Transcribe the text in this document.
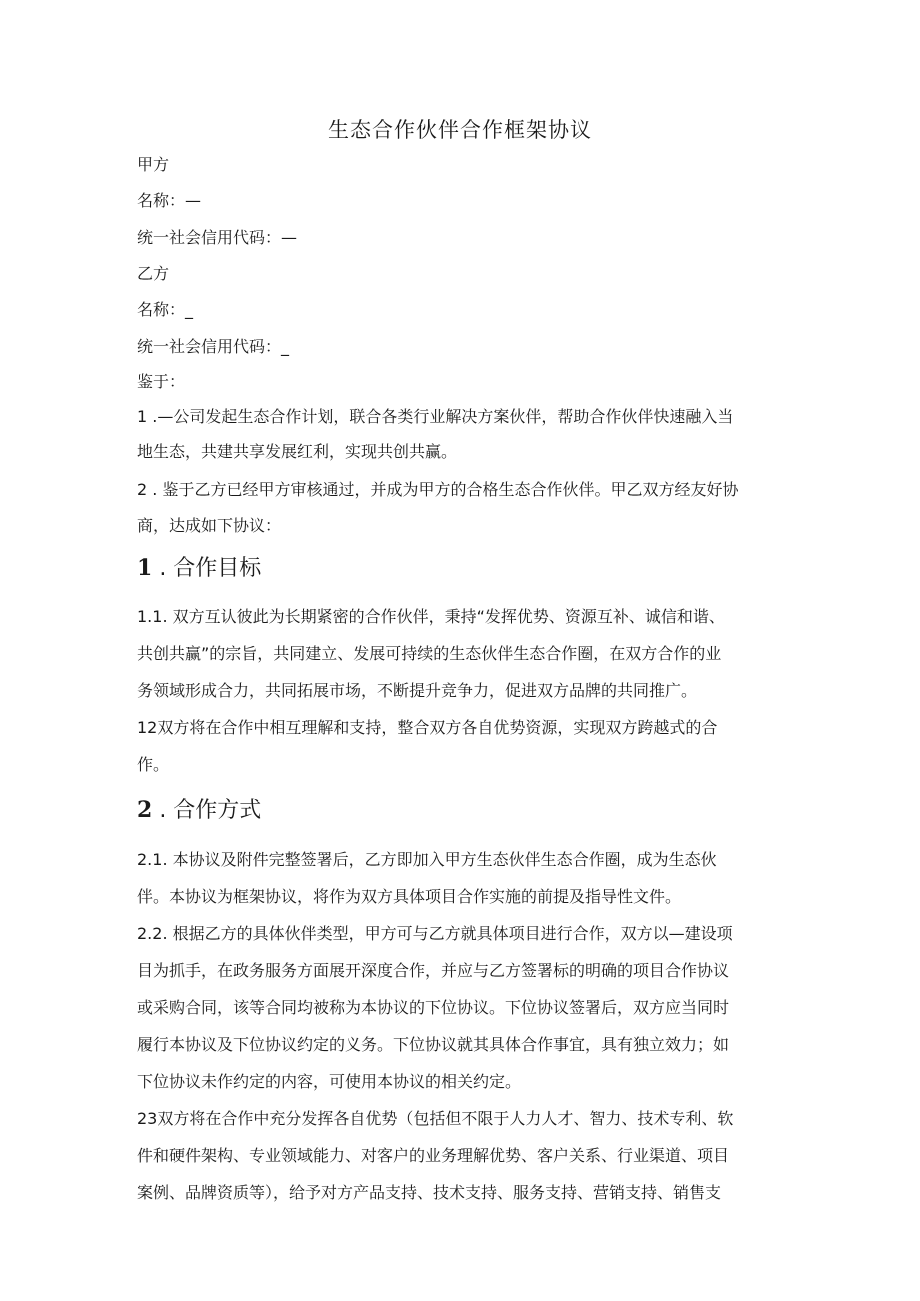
生态合作伙伴合作框架协议
甲方
名称：—
统一社会信用代码：—
乙方
名称：_
统一社会信用代码：_
鉴于：
1 .—公司发起生态合作计划，联合各类行业解决方案伙伴，帮助合作伙伴快速融入当
地生态，共建共享发展红利，实现共创共赢。
2 . 鉴于乙方已经甲方审核通过，并成为甲方的合格生态合作伙伴。甲乙双方经友好协
商，达成如下协议：
1 . 合作目标
1.1. 双方互认彼此为长期紧密的合作伙伴，秉持“发挥优势、资源互补、诚信和谐、
共创共赢”的宗旨，共同建立、发展可持续的生态伙伴生态合作圈，在双方合作的业
务领域形成合力，共同拓展市场，不断提升竞争力，促进双方品牌的共同推广。
12双方将在合作中相互理解和支持，整合双方各自优势资源，实现双方跨越式的合
作。
2 . 合作方式
2.1. 本协议及附件完整签署后，乙方即加入甲方生态伙伴生态合作圈，成为生态伙
伴。本协议为框架协议，将作为双方具体项目合作实施的前提及指导性文件。
2.2. 根据乙方的具体伙伴类型，甲方可与乙方就具体项目进行合作，双方以—建设项
目为抓手，在政务服务方面展开深度合作，并应与乙方签署标的明确的项目合作协议
或采购合同，该等合同均被称为本协议的下位协议。下位协议签署后，双方应当同时
履行本协议及下位协议约定的义务。下位协议就其具体合作事宜，具有独立效力；如
下位协议未作约定的内容，可使用本协议的相关约定。
23双方将在合作中充分发挥各自优势（包括但不限于人力人才、智力、技术专利、软
件和硬件架构、专业领域能力、对客户的业务理解优势、客户关系、行业渠道、项目
案例、品牌资质等），给予对方产品支持、技术支持、服务支持、营销支持、销售支
